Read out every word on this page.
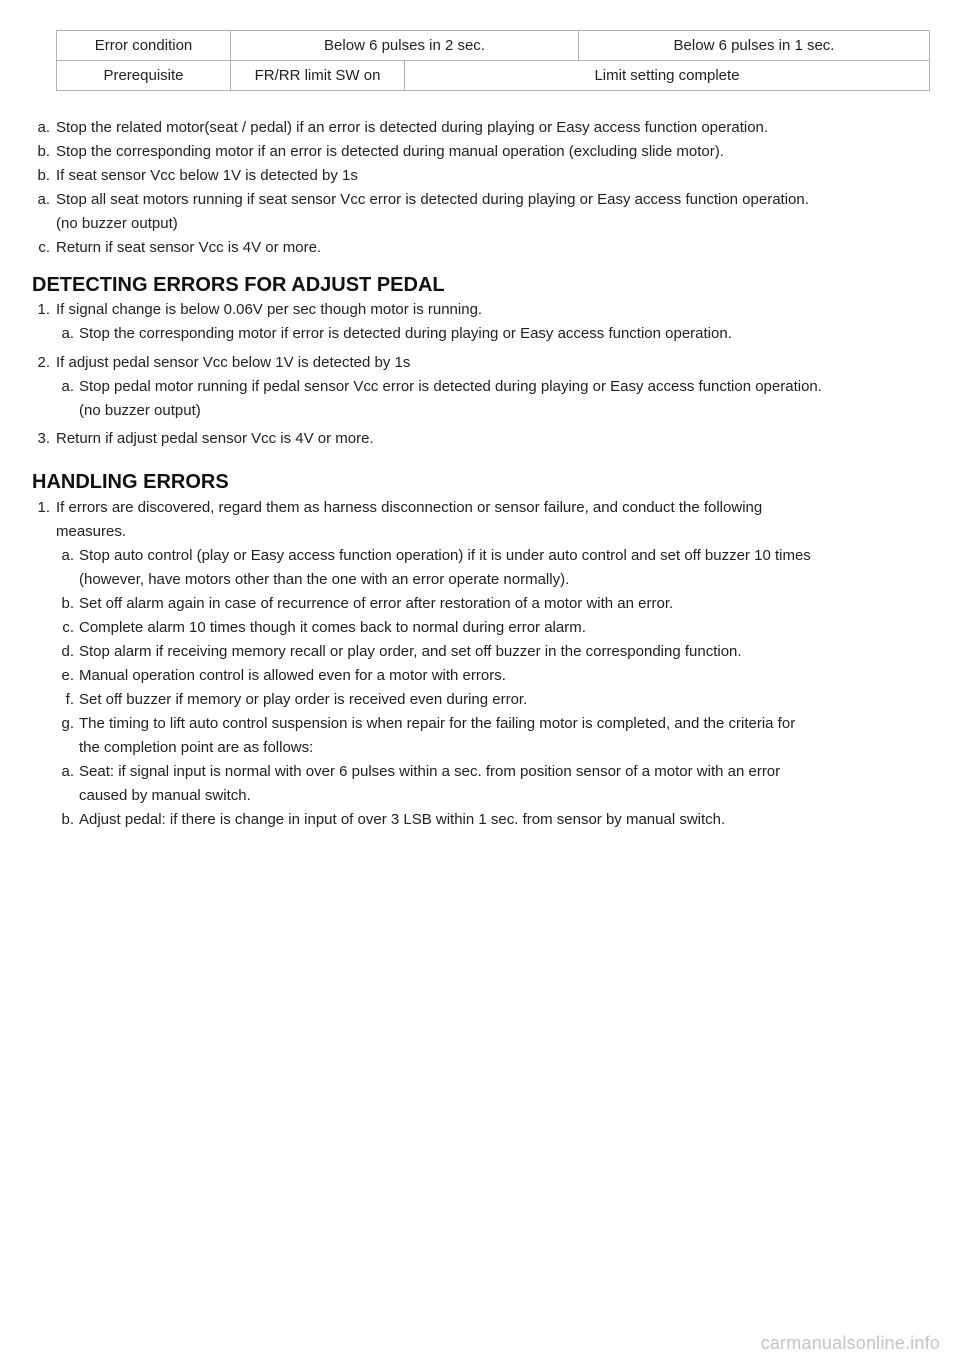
Error condition	Below 6 pulses in 2 sec.		Below 6 pulses in 1 sec.
Prerequisite	FR/RR limit SW on	Limit setting complete	
a. Stop the related motor(seat / pedal) if an error is detected during playing or Easy access function operation.
b. Stop the corresponding motor if an error is detected during manual operation (excluding slide motor).
b. If seat sensor Vcc below 1V is detected by 1s
a. Stop all seat motors running if seat sensor Vcc error is detected during playing or Easy access function operation.
(no buzzer output)
c. Return if seat sensor Vcc is 4V or more.
DETECTING ERRORS FOR ADJUST PEDAL
1. If signal change is below 0.06V per sec though motor is running.
a. Stop the corresponding motor if error is detected during playing or Easy access function operation.
2. If adjust pedal sensor Vcc below 1V is detected by 1s
a. Stop pedal motor running if pedal sensor Vcc error is detected during playing or Easy access function operation.
(no buzzer output)
3. Return if adjust pedal sensor Vcc is 4V or more.
HANDLING ERRORS
1. If errors are discovered, regard them as harness disconnection or sensor failure, and conduct the following
measures.
a. Stop auto control (play or Easy access function operation) if it is under auto control and set off buzzer 10 times
(however, have motors other than the one with an error operate normally).
b. Set off alarm again in case of recurrence of error after restoration of a motor with an error.
c. Complete alarm 10 times though it comes back to normal during error alarm.
d. Stop alarm if receiving memory recall or play order, and set off buzzer in the corresponding function.
e. Manual operation control is allowed even for a motor with errors.
f. Set off buzzer if memory or play order is received even during error.
g. The timing to lift auto control suspension is when repair for the failing motor is completed, and the criteria for
the completion point are as follows:
a. Seat: if signal input is normal with over 6 pulses within a sec. from position sensor of a motor with an error
caused by manual switch.
b. Adjust pedal: if there is change in input of over 3 LSB within 1 sec. from sensor by manual switch.
carmanualsonline.info
